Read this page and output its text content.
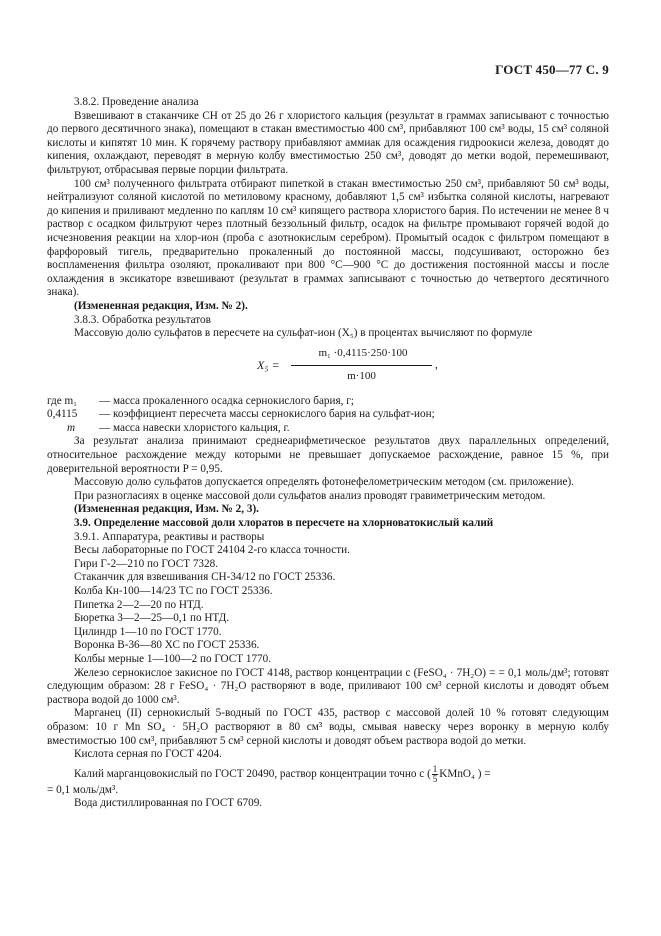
ГОСТ 450—77 С. 9

3.8.2. Проведение анализа

Взвешивают в стаканчике СН от 25 до 26 г хлористого кальция (результат в граммах записывают с точностью до первого десятичного знака), помещают в стакан вместимостью 400 см³, прибавляют 100 см³ воды, 15 см³ соляной кислоты и кипятят 10 мин. К горячему раствору прибавляют аммиак для осаждения гидроокиси железа, доводят до кипения, охлаждают, переводят в мерную колбу вместимостью 250 см³, доводят до метки водой, перемешивают, фильтруют, отбрасывая первые порции фильтрата.

100 см³ полученного фильтрата отбирают пипеткой в стакан вместимостью 250 см³, прибавляют 50 см³ воды, нейтрализуют соляной кислотой по метиловому красному, добавляют 1,5 см³ избытка соляной кислоты, нагревают до кипения и приливают медленно по каплям 10 см³ кипящего раствора хлористого бария. По истечении не менее 8 ч раствор с осадком фильтруют через плотный беззольный фильтр, осадок на фильтре промывают горячей водой до исчезновения реакции на хлор-ион (проба с азотнокислым серебром). Промытый осадок с фильтром помещают в фарфоровый тигель, предварительно прокаленный до постоянной массы, подсушивают, осторожно без воспламенения фильтра озоляют, прокаливают при 800 °С—900 °С до достижения постоянной массы и после охлаждения в эксикаторе взвешивают (результат в граммах записывают с точностью до четвертого десятичного знака).

(Измененная редакция, Изм. № 2).

3.8.3. Обработка результатов

Массовую долю сульфатов в пересчете на сульфат-ион (X₅) в процентах вычисляют по формуле

X₅ =
m₁ ·0,4115·250·100
m·100
,
где m₁ — масса прокаленного осадка сернокислого бария, г;
0,4115 — коэффициент пересчета массы сернокислого бария на сульфат-ион;
m — масса навески хлористого кальция, г.

За результат анализа принимают среднеарифметическое результатов двух параллельных определений, относительное расхождение между которыми не превышает допускаемое расхождение, равное 15 %, при доверительной вероятности P = 0,95.

Массовую долю сульфатов допускается определять фотонефелометрическим методом (см. приложение).

При разногласиях в оценке массовой доли сульфатов анализ проводят гравиметрическим методом.

(Измененная редакция, Изм. № 2, 3).

3.9. Определение массовой доли хлоратов в пересчете на хлорноватокислый калий

3.9.1. Аппаратура, реактивы и растворы

Весы лабораторные по ГОСТ 24104 2-го класса точности.

Гири Г-2—210 по ГОСТ 7328.

Стаканчик для взвешивания СН-34/12 по ГОСТ 25336.

Колба Кн-100—14/23 ТС по ГОСТ 25336.

Пипетка 2—2—20 по НТД.

Бюретка 3—2—25—0,1 по НТД.

Цилиндр 1—10 по ГОСТ 1770.

Воронка В-36—80 ХС по ГОСТ 25336.

Колбы мерные 1—100—2 по ГОСТ 1770.

Железо сернокислое закисное по ГОСТ 4148, раствор концентрации c (FeSO₄ · 7H₂O) = = 0,1 моль/дм³; готовят следующим образом: 28 г FeSO₄ · 7H₂O растворяют в воде, приливают 100 см³ серной кислоты и доводят объем раствора водой до 1000 см³.

Марганец (II) сернокислый 5-водный по ГОСТ 435, раствор с массовой долей 10 % готовят следующим образом: 10 г Mn SO₄ · 5H₂O растворяют в 80 см³ воды, смывая навеску через воронку в мерную колбу вместимостью 100 см³, прибавляют 5 см³ серной кислоты и доводят объем раствора водой до метки.

Кислота серная по ГОСТ 4204.

Калий марганцовокислый по ГОСТ 20490, раствор концентрации точно c ( $\frac{1}{5}$ KMnO₄ ) =

= 0,1 моль/дм³.

Вода дистиллированная по ГОСТ 6709.
